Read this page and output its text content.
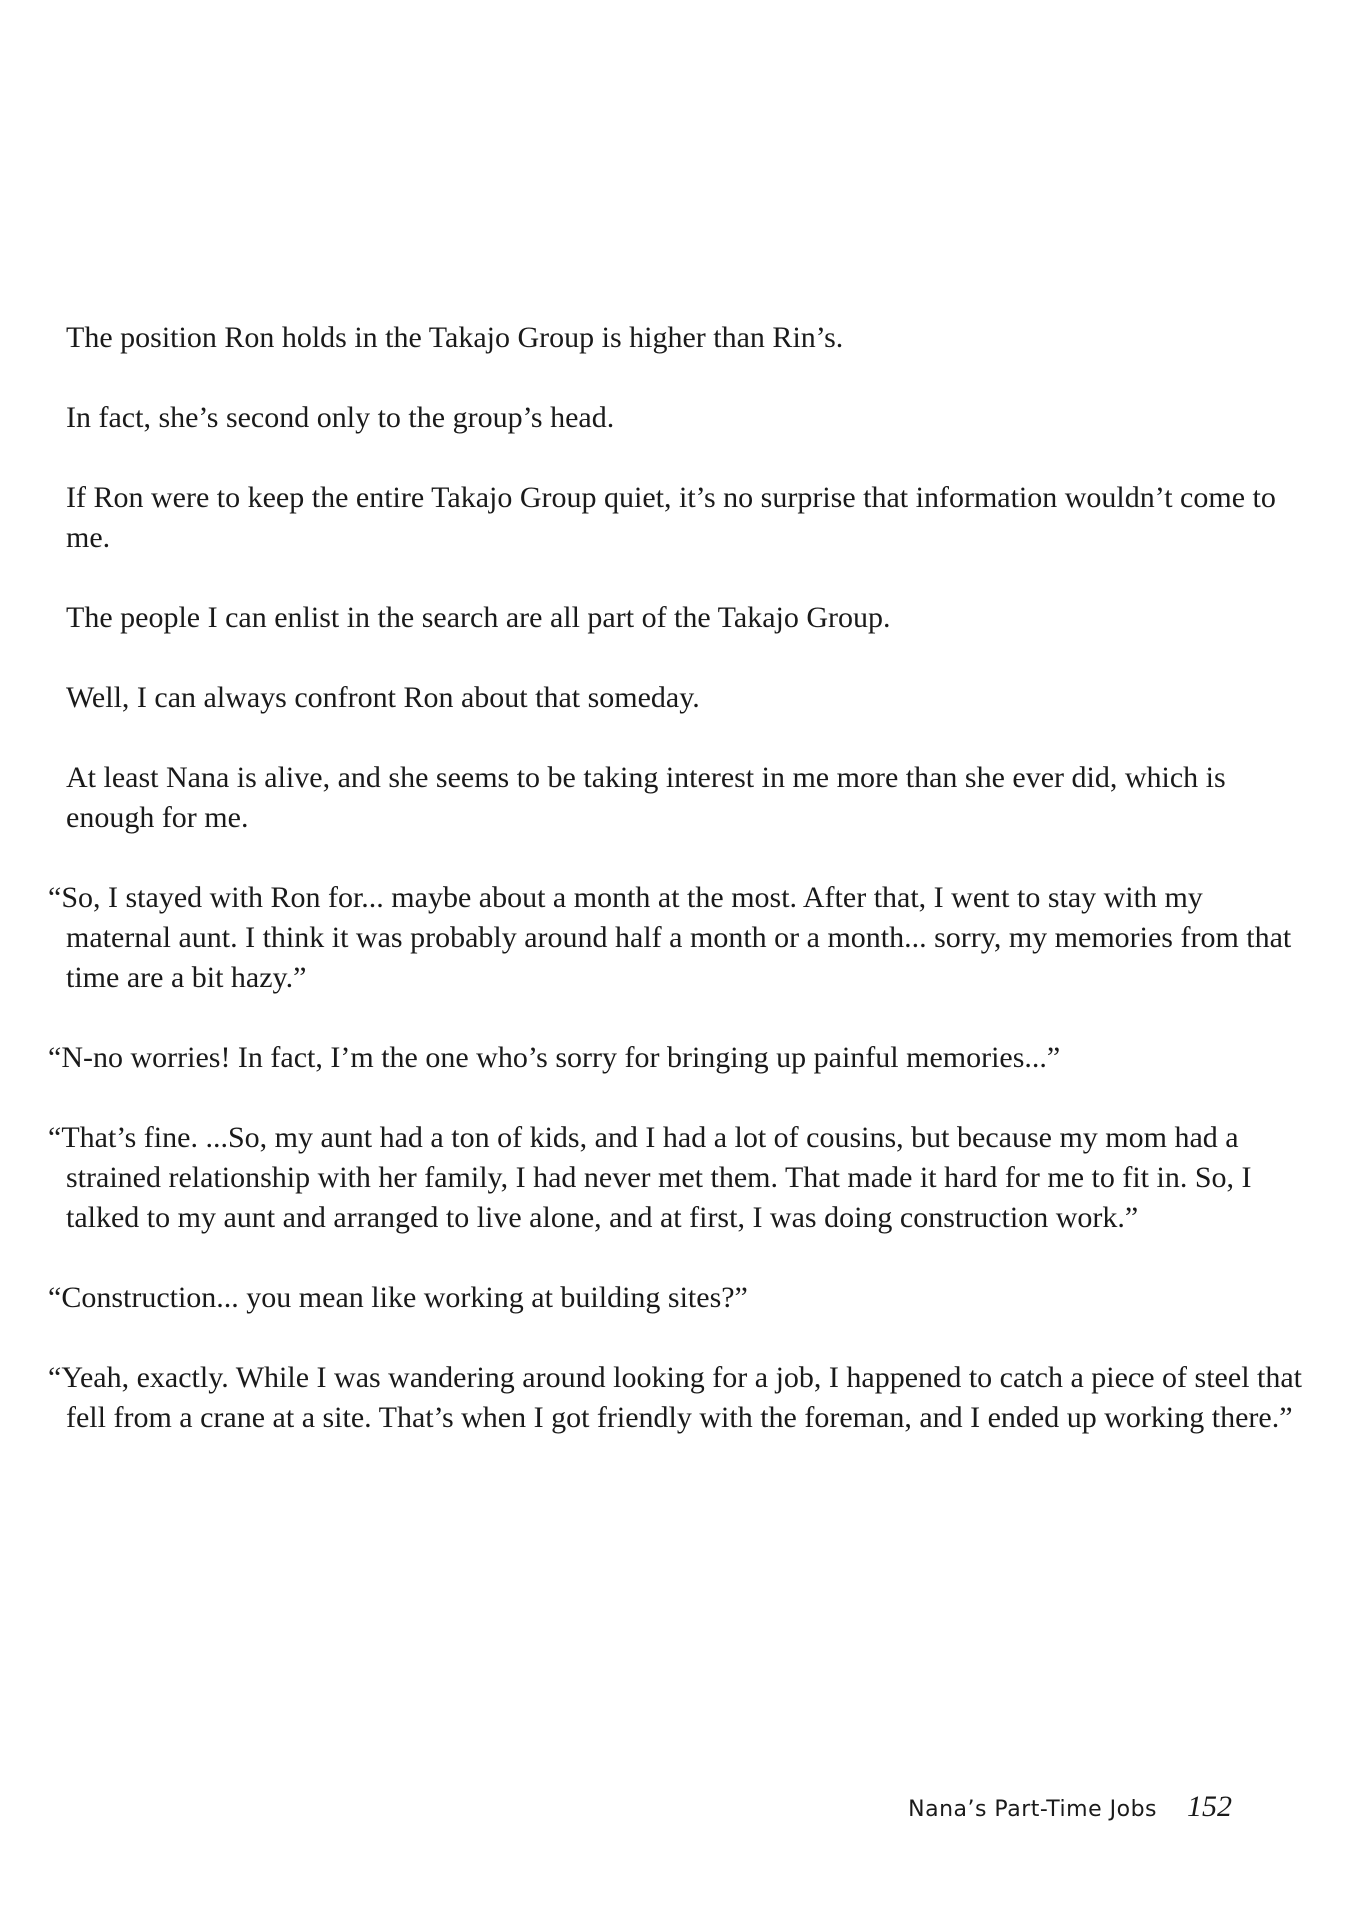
The position Ron holds in the Takajo Group is higher than Rin’s.

In fact, she’s second only to the group’s head.

If Ron were to keep the entire Takajo Group quiet, it’s no surprise that information wouldn’t come to me.

The people I can enlist in the search are all part of the Takajo Group.

Well, I can always confront Ron about that someday.

At least Nana is alive, and she seems to be taking interest in me more than she ever did, which is enough for me.

“So, I stayed with Ron for... maybe about a month at the most. After that, I went to stay with my maternal aunt. I think it was probably around half a month or a month... sorry, my memories from that time are a bit hazy.”

“N-no worries! In fact, I’m the one who’s sorry for bringing up painful memories...”

“That’s fine. ...So, my aunt had a ton of kids, and I had a lot of cousins, but because my mom had a strained relationship with her family, I had never met them. That made it hard for me to fit in. So, I talked to my aunt and arranged to live alone, and at first, I was doing construction work.”

“Construction... you mean like working at building sites?”

“Yeah, exactly. While I was wandering around looking for a job, I happened to catch a piece of steel that fell from a crane at a site. That’s when I got friendly with the foreman, and I ended up working there.”

Nana’s Part-Time Jobs 152
